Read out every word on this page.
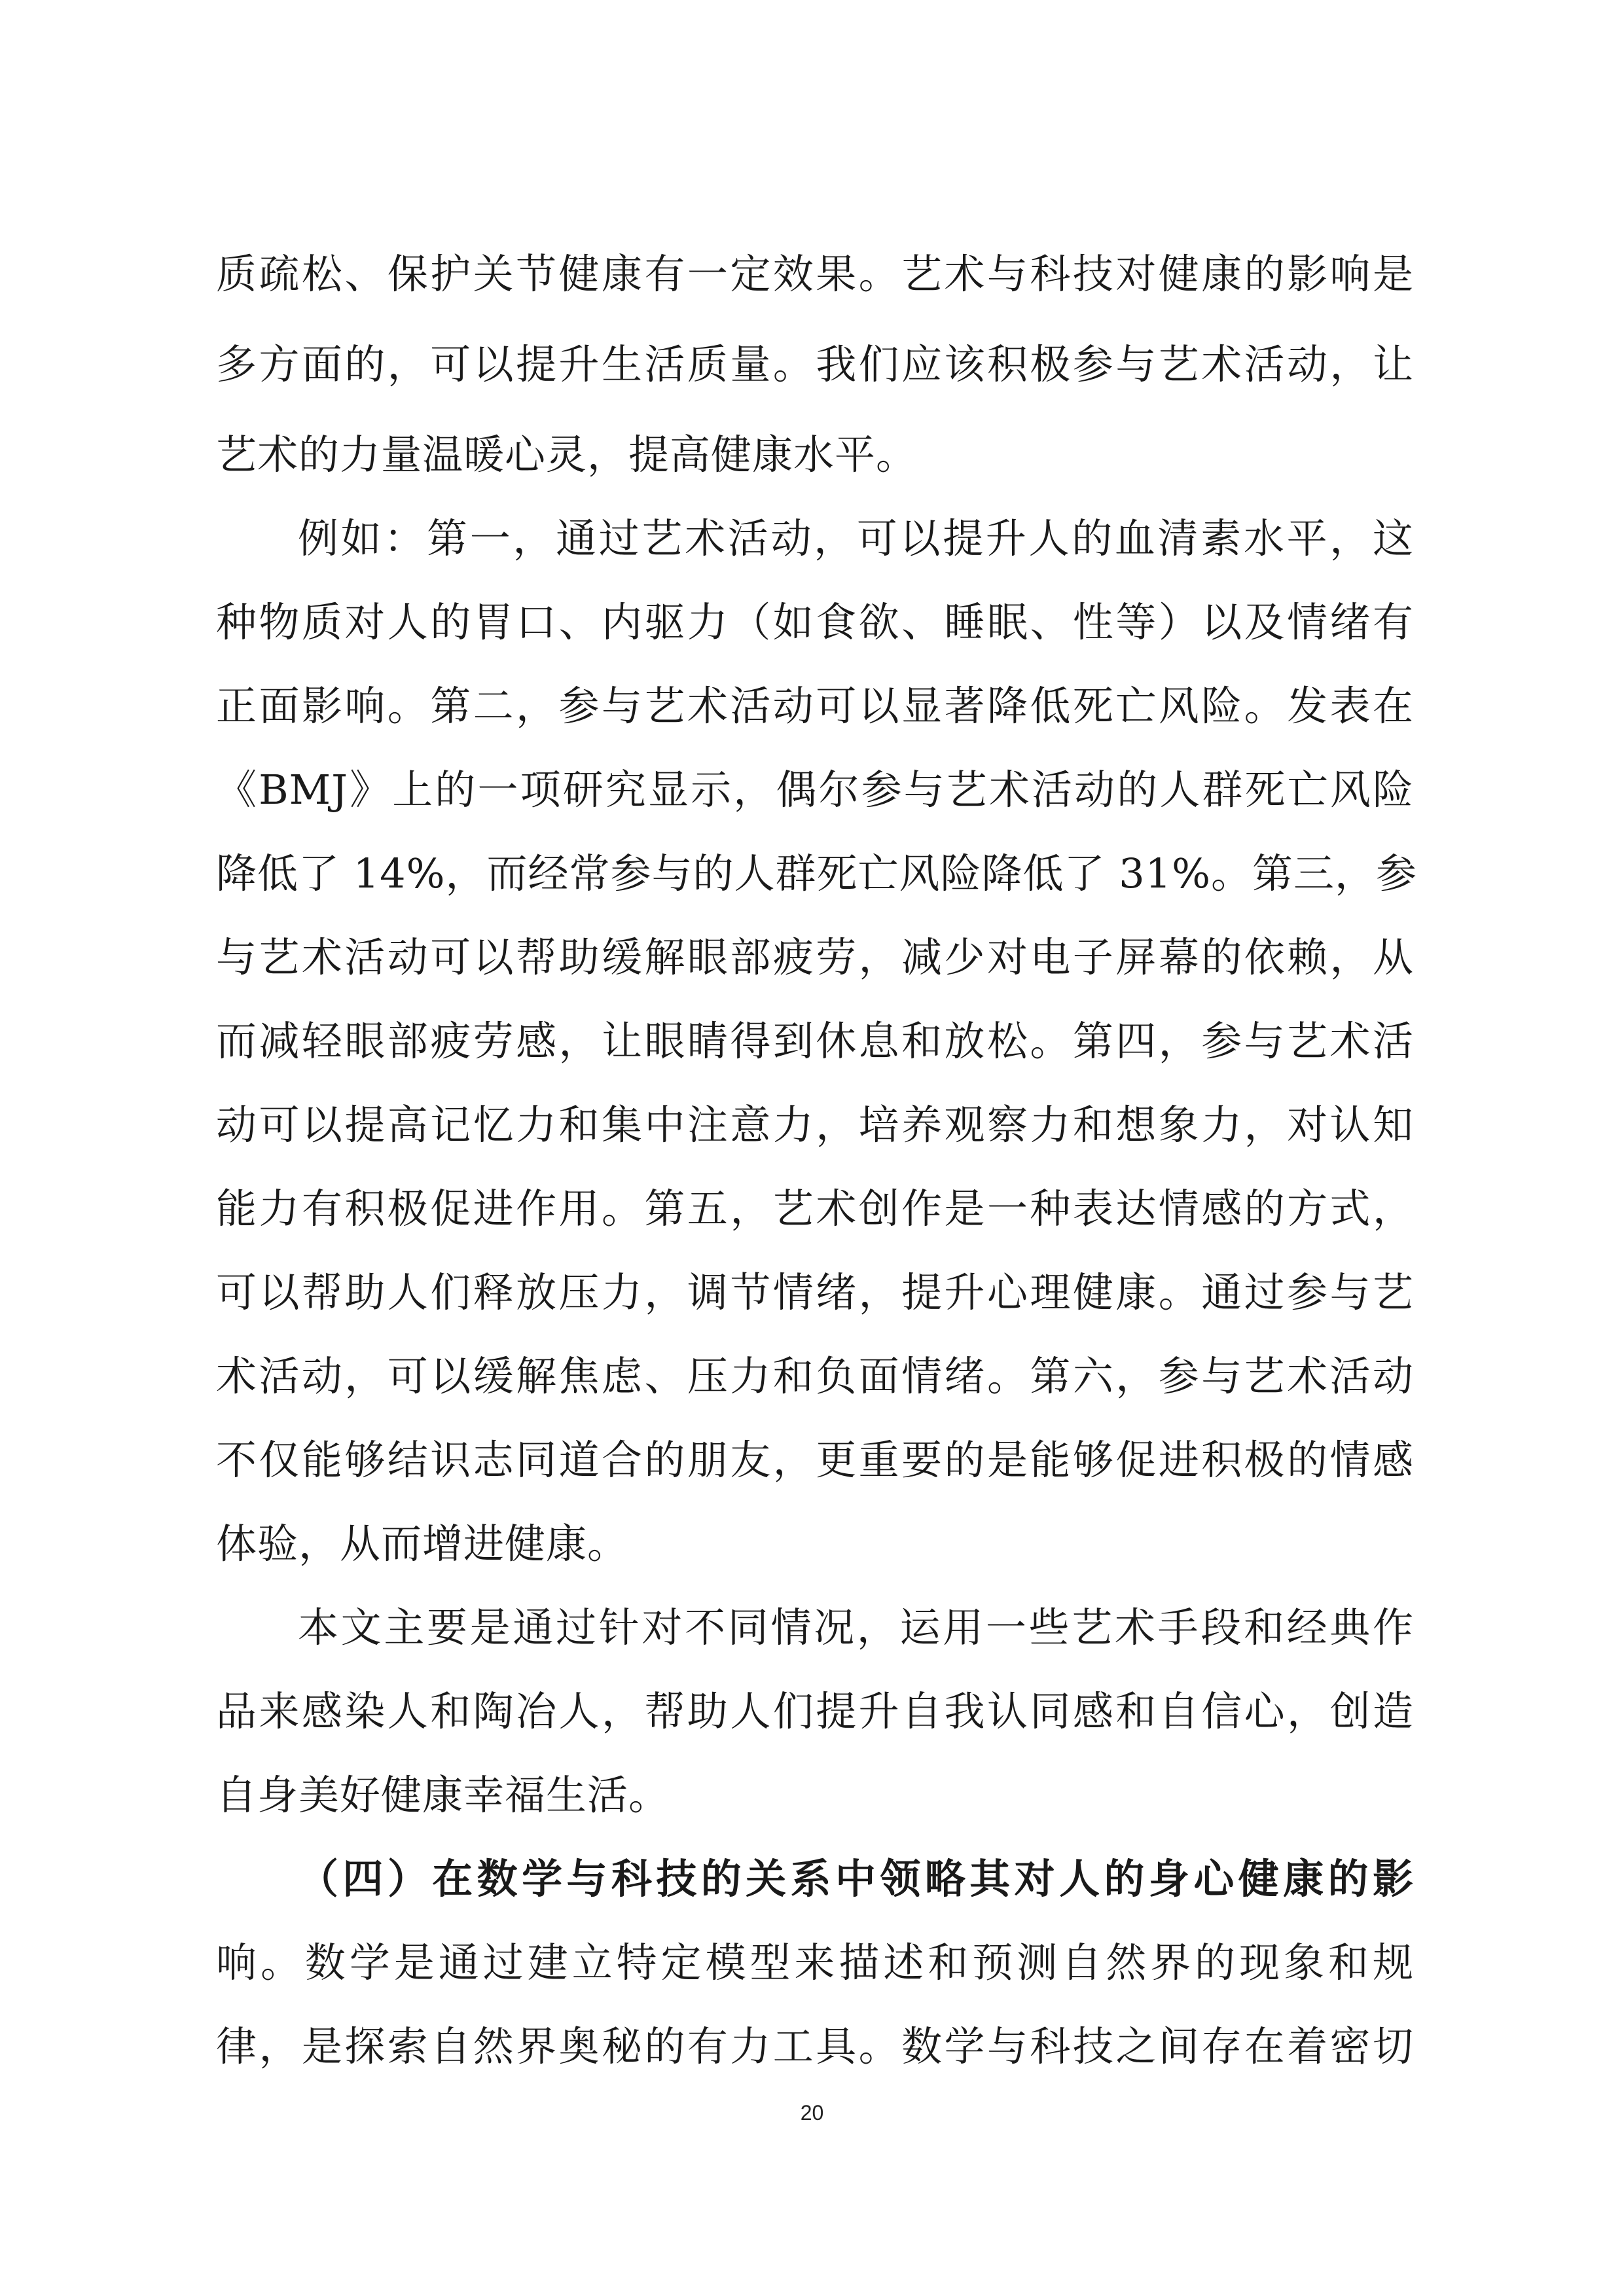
质疏松、保护关节健康有一定效果。艺术与科技对健康的影响是
多方面的，可以提升生活质量。我们应该积极参与艺术活动，让
艺术的力量温暖心灵，提高健康水平。
例如：第一，通过艺术活动，可以提升人的血清素水平，这
种物质对人的胃口、内驱力（如食欲、睡眠、性等）以及情绪有
正面影响。第二，参与艺术活动可以显著降低死亡风险。发表在
《BMJ》上的一项研究显示，偶尔参与艺术活动的人群死亡风险
降低了 14%，而经常参与的人群死亡风险降低了 31%。第三，参
与艺术活动可以帮助缓解眼部疲劳，减少对电子屏幕的依赖，从
而减轻眼部疲劳感，让眼睛得到休息和放松。第四，参与艺术活
动可以提高记忆力和集中注意力，培养观察力和想象力，对认知
能力有积极促进作用。第五，艺术创作是一种表达情感的方式，
可以帮助人们释放压力，调节情绪，提升心理健康。通过参与艺
术活动，可以缓解焦虑、压力和负面情绪。第六，参与艺术活动
不仅能够结识志同道合的朋友，更重要的是能够促进积极的情感
体验，从而增进健康。
本文主要是通过针对不同情况，运用一些艺术手段和经典作
品来感染人和陶冶人，帮助人们提升自我认同感和自信心，创造
自身美好健康幸福生活。
（四）在数学与科技的关系中领略其对人的身心健康的影
响。数学是通过建立特定模型来描述和预测自然界的现象和规
律，是探索自然界奥秘的有力工具。数学与科技之间存在着密切
20
